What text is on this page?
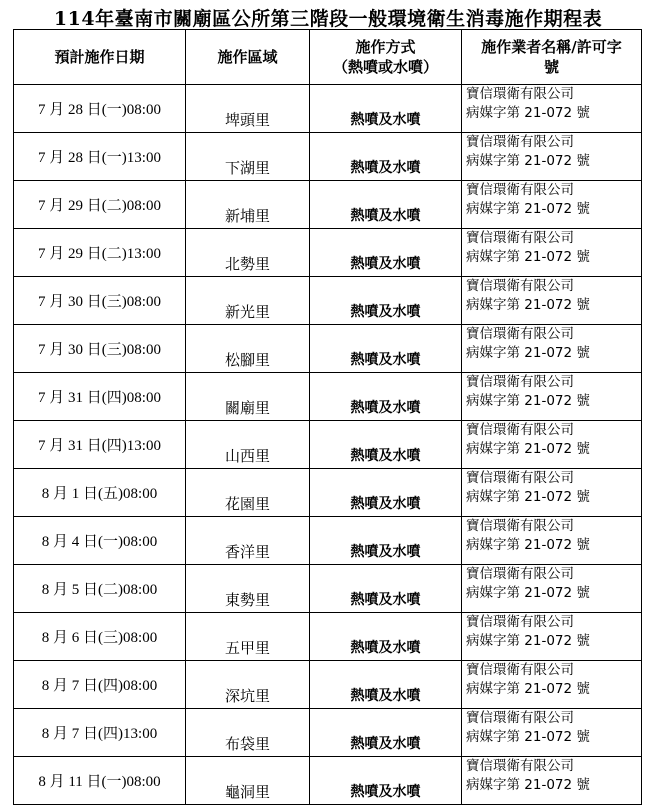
114年臺南市關廟區公所第三階段一般環境衛生消毒施作期程表
預計施作日期	施作區域	施作方式
（熱噴或水噴）	施作業者名稱/許可字
號

7 月 28 日(一)08:00	埤頭里	熱噴及水噴	寶信環衛有限公司
病媒字第 21-072 號

7 月 28 日(一)13:00	下湖里	熱噴及水噴	寶信環衛有限公司
病媒字第 21-072 號

7 月 29 日(二)08:00	新埔里	熱噴及水噴	寶信環衛有限公司
病媒字第 21-072 號

7 月 29 日(二)13:00	北勢里	熱噴及水噴	寶信環衛有限公司
病媒字第 21-072 號

7 月 30 日(三)08:00	新光里	熱噴及水噴	寶信環衛有限公司
病媒字第 21-072 號

7 月 30 日(三)08:00	松腳里	熱噴及水噴	寶信環衛有限公司
病媒字第 21-072 號

7 月 31 日(四)08:00	關廟里	熱噴及水噴	寶信環衛有限公司
病媒字第 21-072 號

7 月 31 日(四)13:00	山西里	熱噴及水噴	寶信環衛有限公司
病媒字第 21-072 號

8 月 1 日(五)08:00	花園里	熱噴及水噴	寶信環衛有限公司
病媒字第 21-072 號

8 月 4 日(一)08:00	香洋里	熱噴及水噴	寶信環衛有限公司
病媒字第 21-072 號

8 月 5 日(二)08:00	東勢里	熱噴及水噴	寶信環衛有限公司
病媒字第 21-072 號

8 月 6 日(三)08:00	五甲里	熱噴及水噴	寶信環衛有限公司
病媒字第 21-072 號

8 月 7 日(四)08:00	深坑里	熱噴及水噴	寶信環衛有限公司
病媒字第 21-072 號

8 月 7 日(四)13:00	布袋里	熱噴及水噴	寶信環衛有限公司
病媒字第 21-072 號

8 月 11 日(一)08:00	龜洞里	熱噴及水噴	寶信環衛有限公司
病媒字第 21-072 號
